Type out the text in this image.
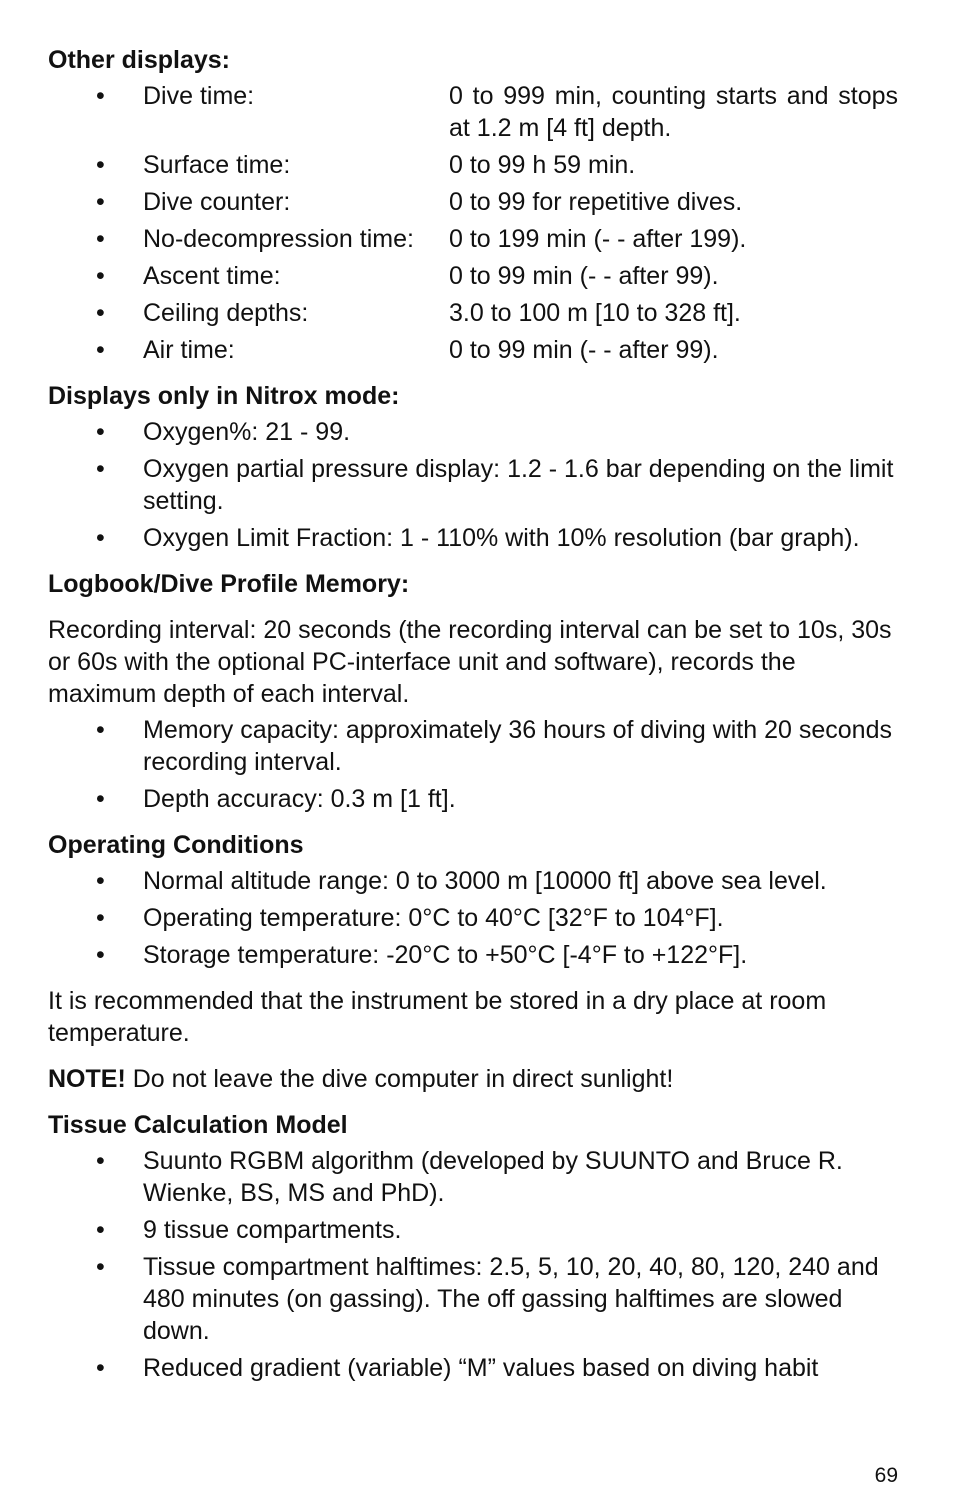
Other displays:

• Dive time:	0 to 999 min, counting starts and stops at 1.2 m [4 ft] depth.
• Surface time:	0 to 99 h 59 min.
• Dive counter:	0 to 99 for repetitive dives.
• No-decompression time:	0 to 199 min (- - after 199).
• Ascent time:	0 to 99 min (- - after 99).
• Ceiling depths:	3.0 to 100 m [10 to 328 ft].
• Air time:	0 to 99 min (- - after 99).

Displays only in Nitrox mode:

• Oxygen%: 21 - 99.
• Oxygen partial pressure display: 1.2 - 1.6 bar depending on the limit setting.
• Oxygen Limit Fraction: 1 - 110% with 10% resolution (bar graph).

Logbook/Dive Profile Memory:

Recording interval: 20 seconds (the recording interval can be set to 10s, 30s or 60s with the optional PC-interface unit and software), records the maximum depth of each interval.

• Memory capacity: approximately 36 hours of diving with 20 seconds recording interval.
• Depth accuracy: 0.3 m [1 ft].

Operating Conditions

• Normal altitude range: 0 to 3000 m [10000 ft] above sea level.
• Operating temperature: 0°C to 40°C [32°F to 104°F].
• Storage temperature: -20°C to +50°C [-4°F to +122°F].

It is recommended that the instrument be stored in a dry place at room temperature.

NOTE! Do not leave the dive computer in direct sunlight!

Tissue Calculation Model

• Suunto RGBM algorithm (developed by SUUNTO and Bruce R. Wienke, BS, MS and PhD).
• 9 tissue compartments.
• Tissue compartment halftimes: 2.5, 5, 10, 20, 40, 80, 120, 240 and 480 minutes (on gassing). The off gassing halftimes are slowed down.
• Reduced gradient (variable) “M” values based on diving habit
69
